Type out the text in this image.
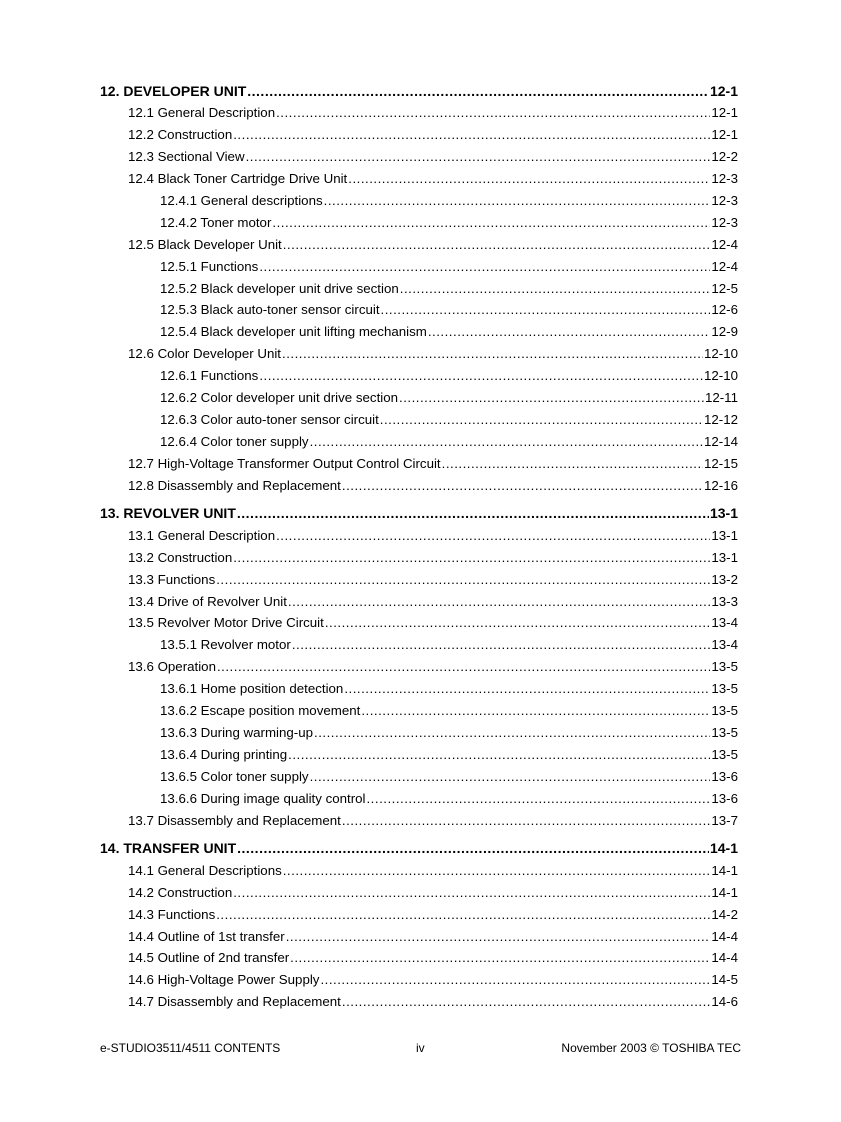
12. DEVELOPER UNIT .....	12-1
12.1 General Description .....	12-1
12.2 Construction .....	12-1
12.3 Sectional View .....	12-2
12.4 Black Toner Cartridge Drive Unit .....	12-3
12.4.1 General descriptions .....	12-3
12.4.2 Toner motor .....	12-3
12.5 Black Developer Unit .....	12-4
12.5.1 Functions .....	12-4
12.5.2 Black developer unit drive section .....	12-5
12.5.3 Black auto-toner sensor circuit .....	12-6
12.5.4 Black developer unit lifting mechanism .....	12-9
12.6 Color Developer Unit .....	12-10
12.6.1 Functions .....	12-10
12.6.2 Color developer unit drive section .....	12-11
12.6.3 Color auto-toner sensor circuit .....	12-12
12.6.4 Color toner supply .....	12-14
12.7 High-Voltage Transformer Output Control Circuit .....	12-15
12.8 Disassembly and Replacement .....	12-16
13. REVOLVER UNIT .....	13-1
13.1 General Description .....	13-1
13.2 Construction .....	13-1
13.3 Functions .....	13-2
13.4 Drive of Revolver Unit .....	13-3
13.5 Revolver Motor Drive Circuit .....	13-4
13.5.1 Revolver motor .....	13-4
13.6 Operation .....	13-5
13.6.1 Home position detection .....	13-5
13.6.2 Escape position movement .....	13-5
13.6.3 During warming-up .....	13-5
13.6.4 During printing .....	13-5
13.6.5 Color toner supply .....	13-6
13.6.6 During image quality control .....	13-6
13.7 Disassembly and Replacement .....	13-7
14. TRANSFER UNIT .....	14-1
14.1 General Descriptions .....	14-1
14.2 Construction .....	14-1
14.3 Functions .....	14-2
14.4 Outline of 1st transfer .....	14-4
14.5 Outline of 2nd transfer .....	14-4
14.6 High-Voltage Power Supply .....	14-5
14.7 Disassembly and Replacement .....	14-6
e-STUDIO3511/4511 CONTENTS	iv	November 2003 © TOSHIBA TEC
